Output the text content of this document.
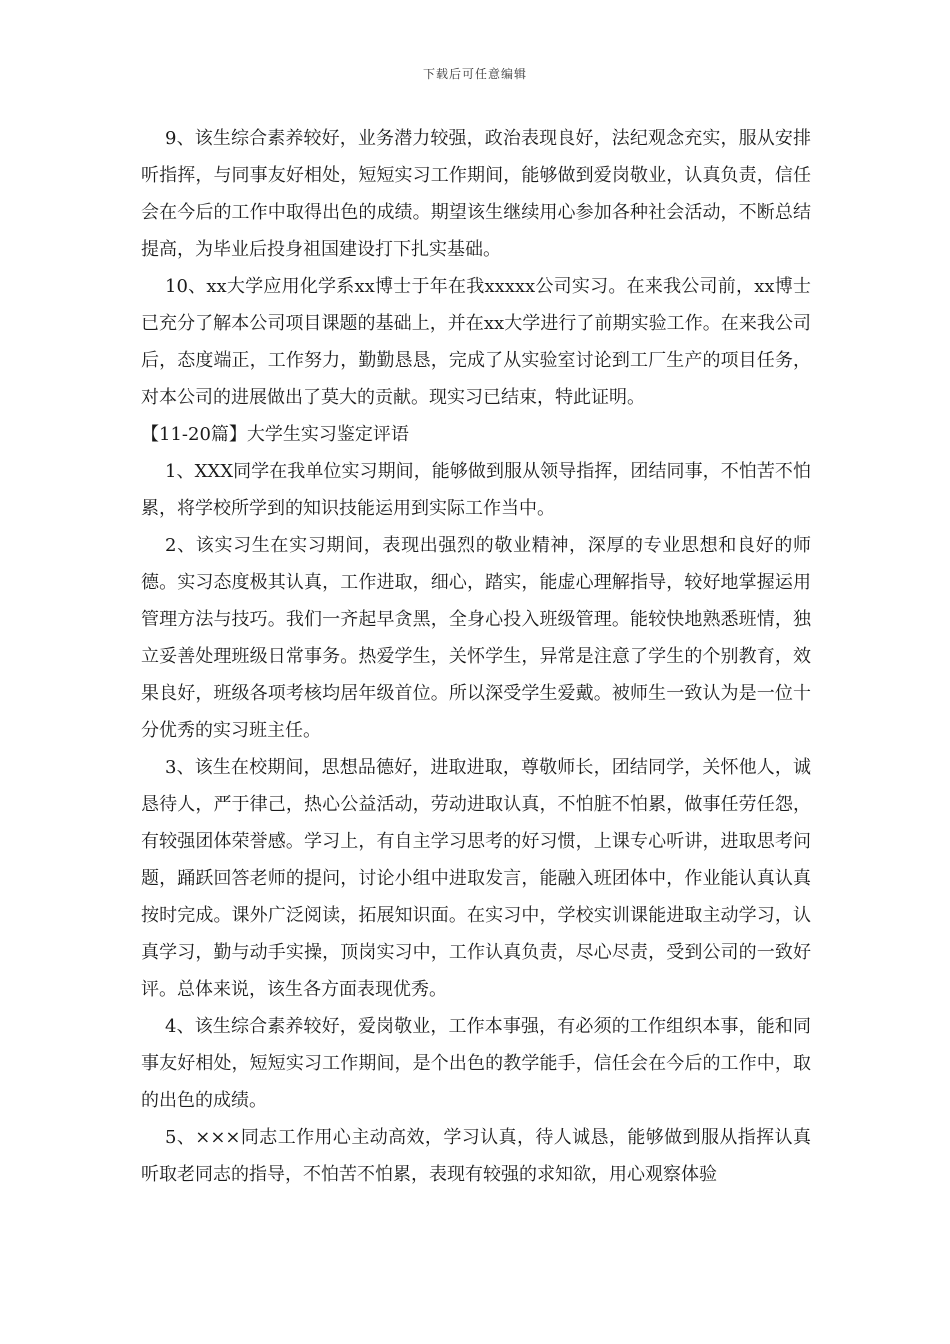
下载后可任意编辑

9、该生综合素养较好，业务潜力较强，政治表现良好，法纪观念充实，服从安排听指挥，与同事友好相处，短短实习工作期间，能够做到爱岗敬业，认真负责，信任会在今后的工作中取得出色的成绩。期望该生继续用心参加各种社会活动，不断总结提高，为毕业后投身祖国建设打下扎实基础。

10、xx大学应用化学系xx博士于年在我xxxxx公司实习。在来我公司前，xx博士已充分了解本公司项目课题的基础上，并在xx大学进行了前期实验工作。在来我公司后，态度端正，工作努力，勤勤恳恳，完成了从实验室讨论到工厂生产的项目任务，对本公司的进展做出了莫大的贡献。现实习已结束，特此证明。

【11-20篇】大学生实习鉴定评语

1、XXX同学在我单位实习期间，能够做到服从领导指挥，团结同事，不怕苦不怕累，将学校所学到的知识技能运用到实际工作当中。

2、该实习生在实习期间，表现出强烈的敬业精神，深厚的专业思想和良好的师德。实习态度极其认真，工作进取，细心，踏实，能虚心理解指导，较好地掌握运用管理方法与技巧。我们一齐起早贪黑，全身心投入班级管理。能较快地熟悉班情，独立妥善处理班级日常事务。热爱学生，关怀学生，异常是注意了学生的个别教育，效果良好，班级各项考核均居年级首位。所以深受学生爱戴。被师生一致认为是一位十分优秀的实习班主任。

3、该生在校期间，思想品德好，进取进取，尊敬师长，团结同学，关怀他人，诚恳待人，严于律己，热心公益活动，劳动进取认真，不怕脏不怕累，做事任劳任怨，有较强团体荣誉感。学习上，有自主学习思考的好习惯，上课专心听讲，进取思考问题，踊跃回答老师的提问，讨论小组中进取发言，能融入班团体中，作业能认真认真按时完成。课外广泛阅读，拓展知识面。在实习中，学校实训课能进取主动学习，认真学习，勤与动手实操，顶岗实习中，工作认真负责，尽心尽责，受到公司的一致好评。总体来说，该生各方面表现优秀。

4、该生综合素养较好，爱岗敬业，工作本事强，有必须的工作组织本事，能和同事友好相处，短短实习工作期间，是个出色的教学能手，信任会在今后的工作中，取的出色的成绩。

5、×××同志工作用心主动高效，学习认真，待人诚恳，能够做到服从指挥认真听取老同志的指导，不怕苦不怕累，表现有较强的求知欲，用心观察体验
